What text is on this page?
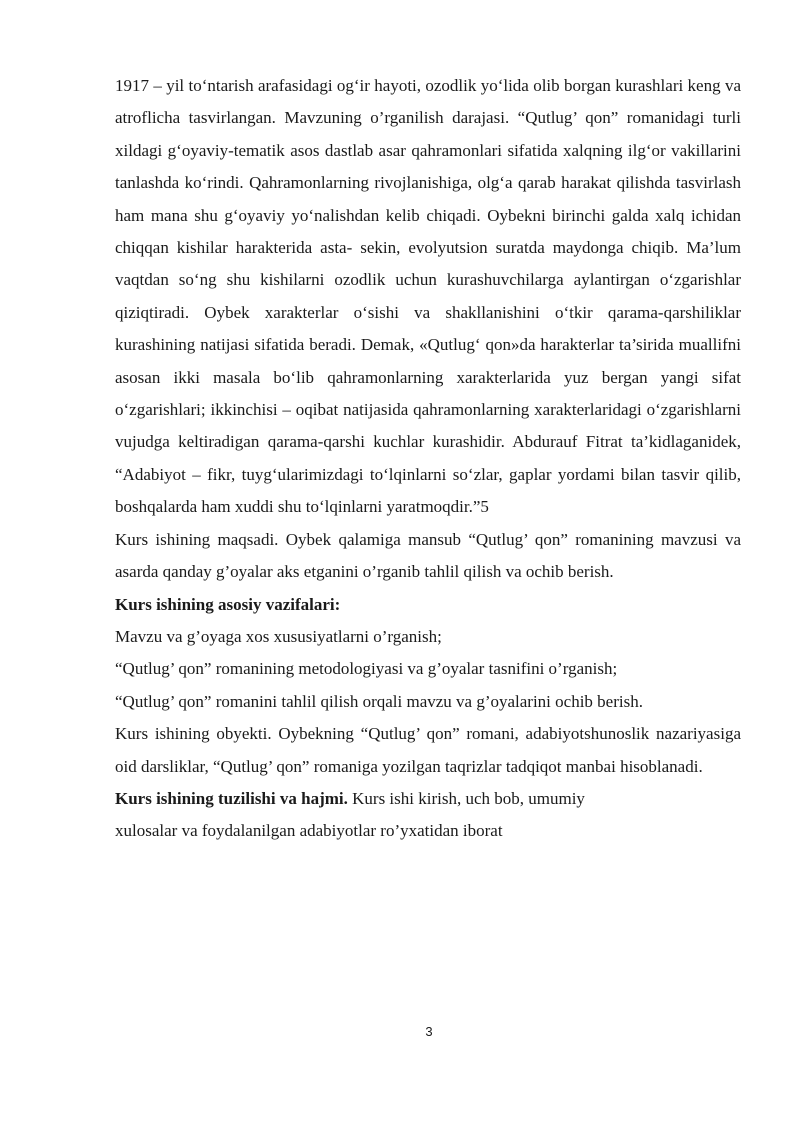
1917 – yil to‘ntarish arafasidagi og‘ir hayoti, ozodlik yo‘lida olib borgan kurashlari keng va atroflicha tasvirlangan. Mavzuning o’rganilish darajasi. “Qutlug’ qon” romanidagi turli xildagi g‘oyaviy-tematik asos dastlab asar qahramonlari sifatida xalqning ilg‘or vakillarini tanlashda ko‘rindi. Qahramonlarning rivojlanishiga, olg‘a qarab harakat qilishda tasvirlash ham mana shu g‘oyaviy yo‘nalishdan kelib chiqadi. Oybekni birinchi galda xalq ichidan chiqqan kishilar harakterida asta- sekin, evolyutsion suratda maydonga chiqib. Ma’lum vaqtdan so‘ng shu kishilarni ozodlik uchun kurashuvchilarga aylantirgan o‘zgarishlar qiziqtiradi. Oybek xarakterlar o‘sishi va shakllanishini o‘tkir qarama-qarshiliklar kurashining natijasi sifatida beradi. Demak, «Qutlug‘ qon»da harakterlar ta’sirida muallifni asosan ikki masala bo‘lib qahramonlarning xarakterlarida yuz bergan yangi sifat o‘zgarishlari; ikkinchisi – oqibat natijasida qahramonlarning xarakterlaridagi o‘zgarishlarni vujudga keltiradigan qarama-qarshi kuchlar kurashidir. Abdurauf Fitrat ta’kidlaganidek, “Adabiyot – fikr, tuyg‘ularimizdagi to‘lqinlarni so‘zlar, gaplar yordami bilan tasvir qilib, boshqalarda ham xuddi shu to‘lqinlarni yaratmoqdir.”5

Kurs ishining maqsadi. Oybek qalamiga mansub “Qutlug’ qon” romanining mavzusi va asarda qanday g’oyalar aks etganini o’rganib tahlil qilish va ochib berish.

Kurs ishining asosiy vazifalari:

Mavzu va g’oyaga xos xususiyatlarni o’rganish;

“Qutlug’ qon” romanining metodologiyasi va g’oyalar tasnifini o’rganish;

“Qutlug’ qon” romanini tahlil qilish orqali mavzu va g’oyalarini ochib berish.

Kurs ishining obyekti. Oybekning “Qutlug’ qon” romani, adabiyotshunoslik nazariyasiga oid darsliklar, “Qutlug’ qon” romaniga yozilgan taqrizlar tadqiqot manbai hisoblanadi.

Kurs ishining tuzilishi va hajmi. Kurs ishi kirish, uch bob, umumiy

xulosalar va foydalanilgan adabiyotlar ro’yxatidan iborat

3
